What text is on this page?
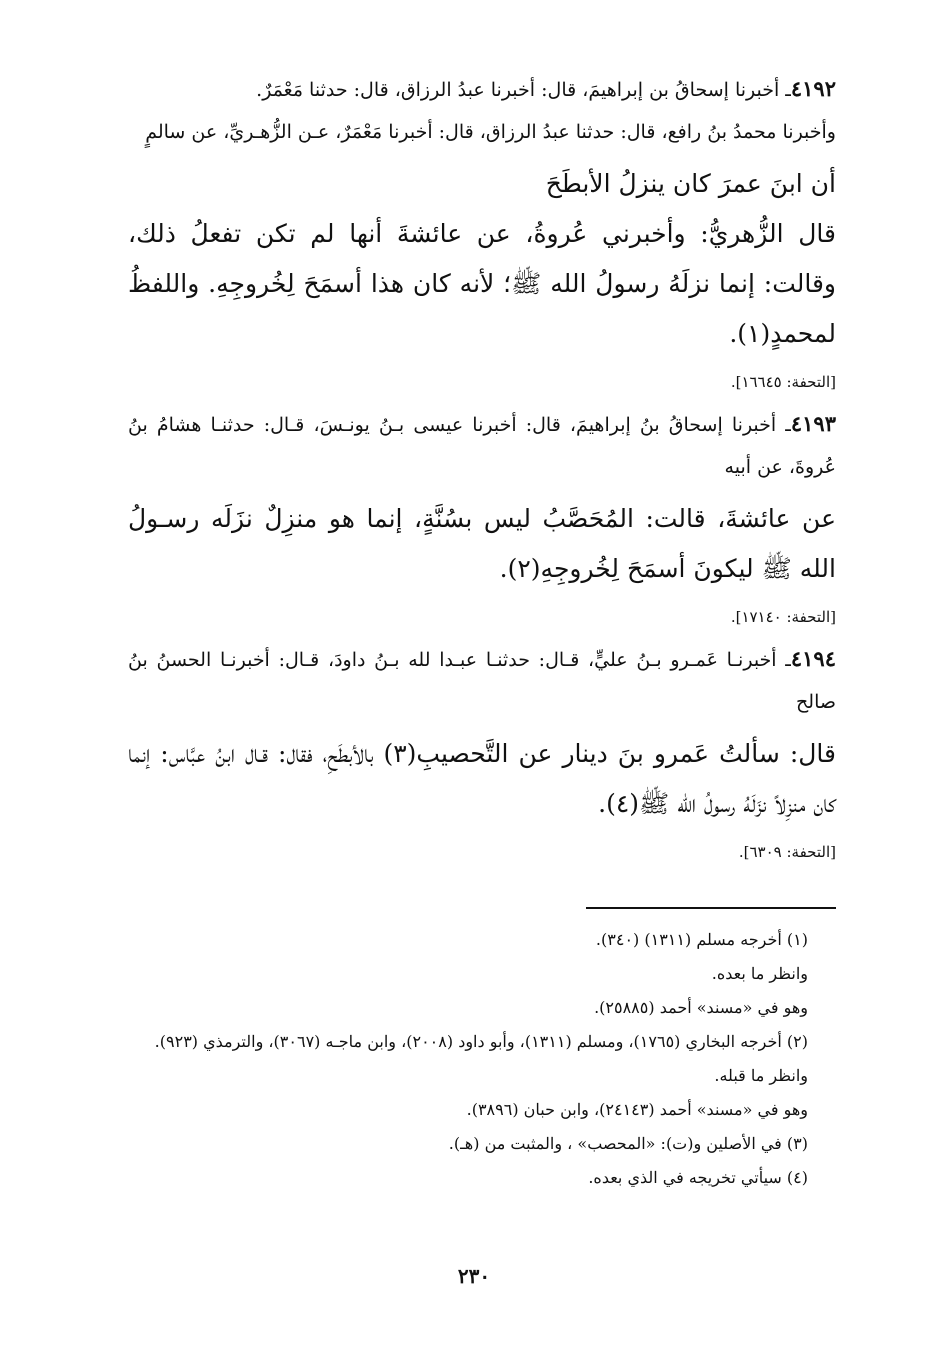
٤١٩٢ـ أخبرنا إسحاقُ بن إبراهيمَ، قال: أخبرنا عبدُ الرزاق، قال: حدثنا مَعْمَرٌ.

وأخبرنا محمدُ بنُ رافع، قال: حدثنا عبدُ الرزاق، قال: أخبرنا مَعْمَرٌ، عـن الزُّهـريِّ، عن سالمٍ

أن ابنَ عمرَ كان ينزلُ الأبطَحَ

قال الزُّهريُّ: وأخبرني عُروةُ، عن عائشةَ أنها لم تكن تفعلُ ذلك، وقالت: إنما نزلَهُ رسولُ الله ﷺ؛ لأنه كان هذا أسمَحَ لِخُروجِهِ. واللفظُ لمحمدٍ(١).

[التحفة: ١٦٦٤٥].

٤١٩٣ـ أخبرنا إسحاقُ بنُ إبراهيمَ، قال: أخبرنا عيسى بـنُ يونـسَ، قـال: حدثنـا هشامُ بنُ عُروةَ، عن أبيه

عن عائشةَ، قالت: المُحَصَّبُ ليس بسُنَّةٍ، إنما هو منزِلٌ نزَلَه رسـولُ الله ﷺ ليكونَ أسمَحَ لِخُروجِهِ(٢).

[التحفة: ١٧١٤٠].

٤١٩٤ـ أخبرنـا عَمـرو بـنُ عليٍّ، قـال: حدثنـا عبـدا لله بـنُ داودَ، قـال: أخبرنـا الحسنُ بنُ صالح

قال: سألتُ عَمرو بنَ دينار عن التَّحصيبِ(٣) بالأبطَحِ، فقال: قـال ابنُ عبَّاس: إنما كان منزِلاً نزَلَهُ رسولُ الله ﷺ(٤).

[التحفة: ٦٣٠٩].

(١) أخرجه مسلم (١٣١١) (٣٤٠).

وانظر ما بعده.

وهو في «مسند» أحمد (٢٥٨٨٥).

(٢) أخرجه البخاري (١٧٦٥)، ومسلم (١٣١١)، وأبو داود (٢٠٠٨)، وابن ماجـه (٣٠٦٧)، والترمذي (٩٢٣).

وانظر ما قبله.

وهو في «مسند» أحمد (٢٤١٤٣)، وابن حبان (٣٨٩٦).

(٣) في الأصلين و(ت): «المحصب» ، والمثبت من (هـ).

(٤) سيأتي تخريجه في الذي بعده.

٢٣٠
